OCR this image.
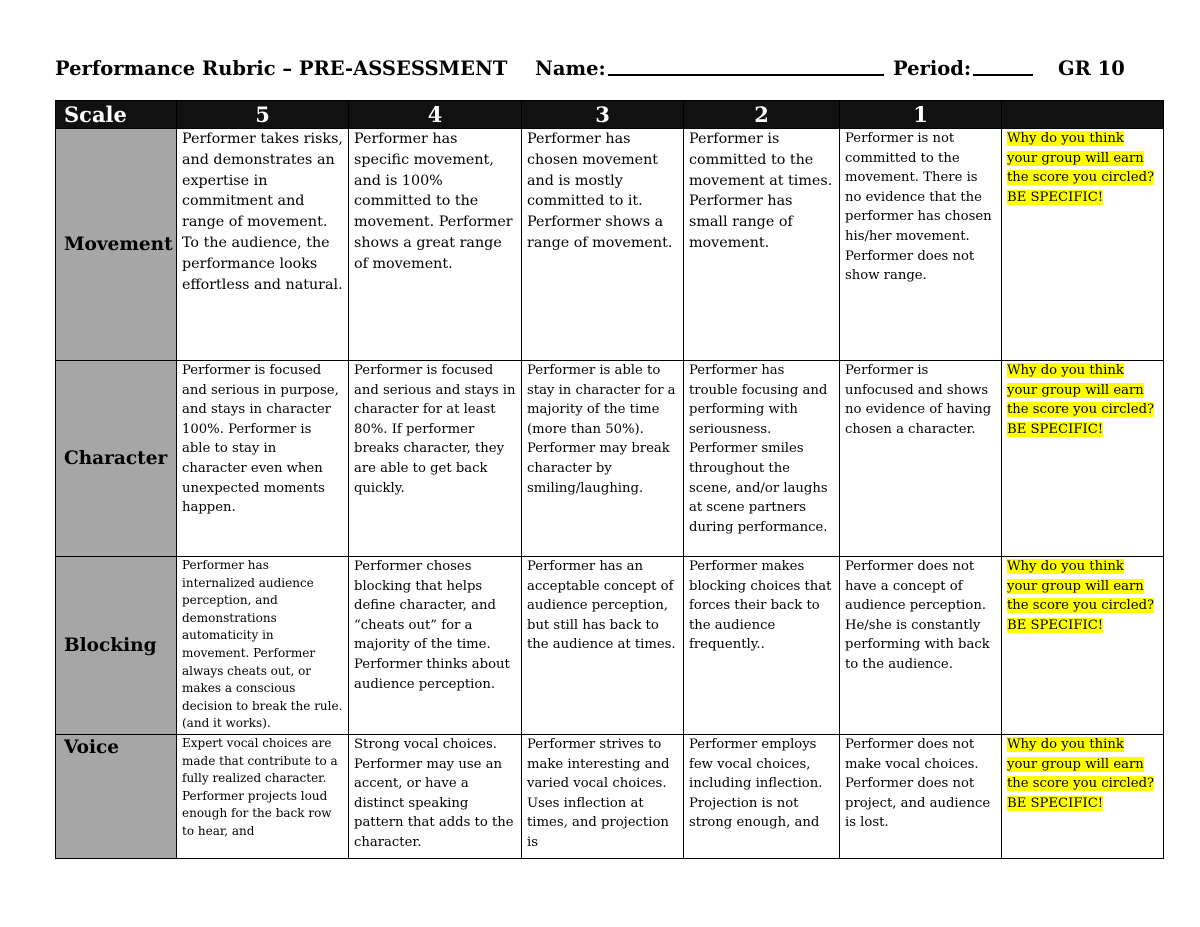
Performance Rubric – PRE-ASSESSMENT Name:	Period:	GR 10
Scale	5	4	3	2	1	
Movement	Performer takes risks, and demonstrates an expertise in commitment and range of movement. To the audience, the performance looks effortless and natural.	Performer has specific movement, and is 100% committed to the movement. Performer shows a great range of movement.	Performer has chosen movement and is mostly committed to it. Performer shows a range of movement.	Performer is committed to the movement at times. Performer has small range of movement.	Performer is not committed to the movement. There is no evidence that the performer has chosen his/her movement. Performer does not show range.	Why do you think your group will earn the score you circled? BE SPECIFIC!
Character	Performer is focused and serious in purpose, and stays in character 100%. Performer is able to stay in character even when unexpected moments happen.	Performer is focused and serious and stays in character for at least 80%. If performer breaks character, they are able to get back quickly.	Performer is able to stay in character for a majority of the time (more than 50%). Performer may break character by smiling/laughing.	Performer has trouble focusing and performing with seriousness. Performer smiles throughout the scene, and/or laughs at scene partners during performance.	Performer is unfocused and shows no evidence of having chosen a character.	Why do you think your group will earn the score you circled? BE SPECIFIC!
Blocking	Performer has internalized audience perception, and demonstrations automaticity in movement. Performer always cheats out, or makes a conscious decision to break the rule. (and it works).	Performer choses blocking that helps define character, and “cheats out” for a majority of the time. Performer thinks about audience perception.	Performer has an acceptable concept of audience perception, but still has back to the audience at times.	Performer makes blocking choices that forces their back to the audience frequently..	Performer does not have a concept of audience perception. He/she is constantly performing with back to the audience.	Why do you think your group will earn the score you circled? BE SPECIFIC!
Voice	Expert vocal choices are made that contribute to a fully realized character. Performer projects loud enough for the back row to hear, and	Strong vocal choices. Performer may use an accent, or have a distinct speaking pattern that adds to the character.	Performer strives to make interesting and varied vocal choices. Uses inflection at times, and projection is	Performer employs few vocal choices, including inflection. Projection is not strong enough, and	Performer does not make vocal choices. Performer does not project, and audience is lost.	Why do you think your group will earn the score you circled? BE SPECIFIC!
